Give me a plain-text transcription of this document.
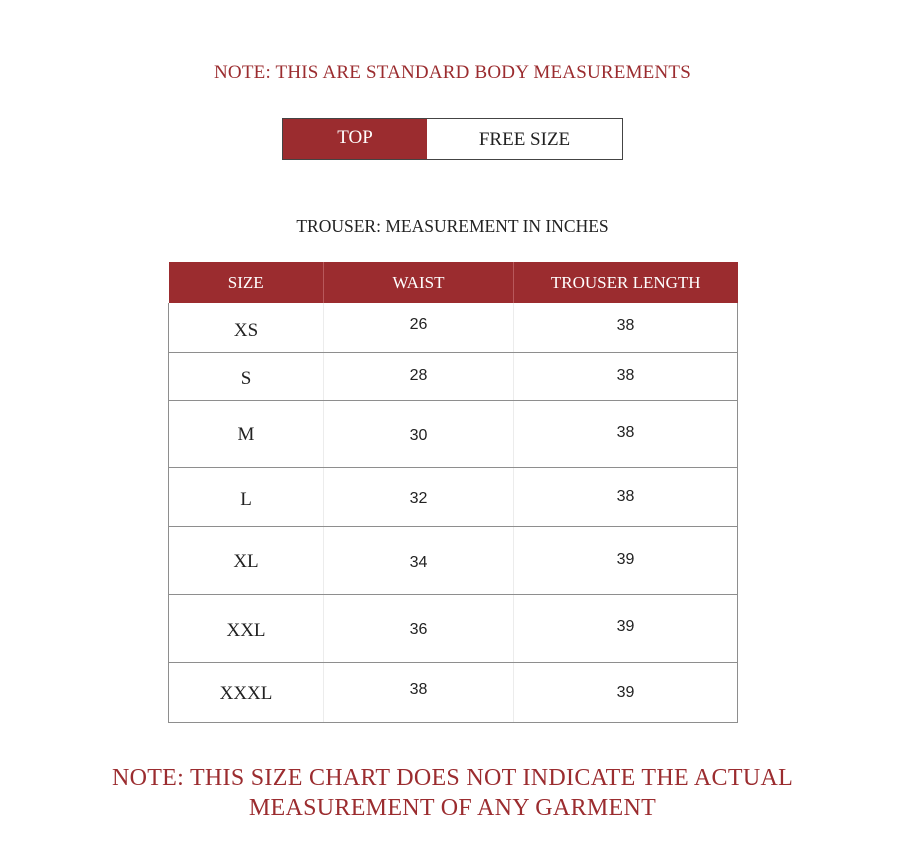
NOTE: THIS ARE STANDARD BODY MEASUREMENTS
TOP	FREE SIZE
TROUSER: MEASUREMENT IN INCHES
SIZE	WAIST	TROUSER LENGTH
XS	26	38
S	28	38
M	30	38
L	32	38
XL	34	39
XXL	36	39
XXXL	38	39
NOTE: THIS SIZE CHART DOES NOT INDICATE THE ACTUAL
MEASUREMENT OF ANY GARMENT
